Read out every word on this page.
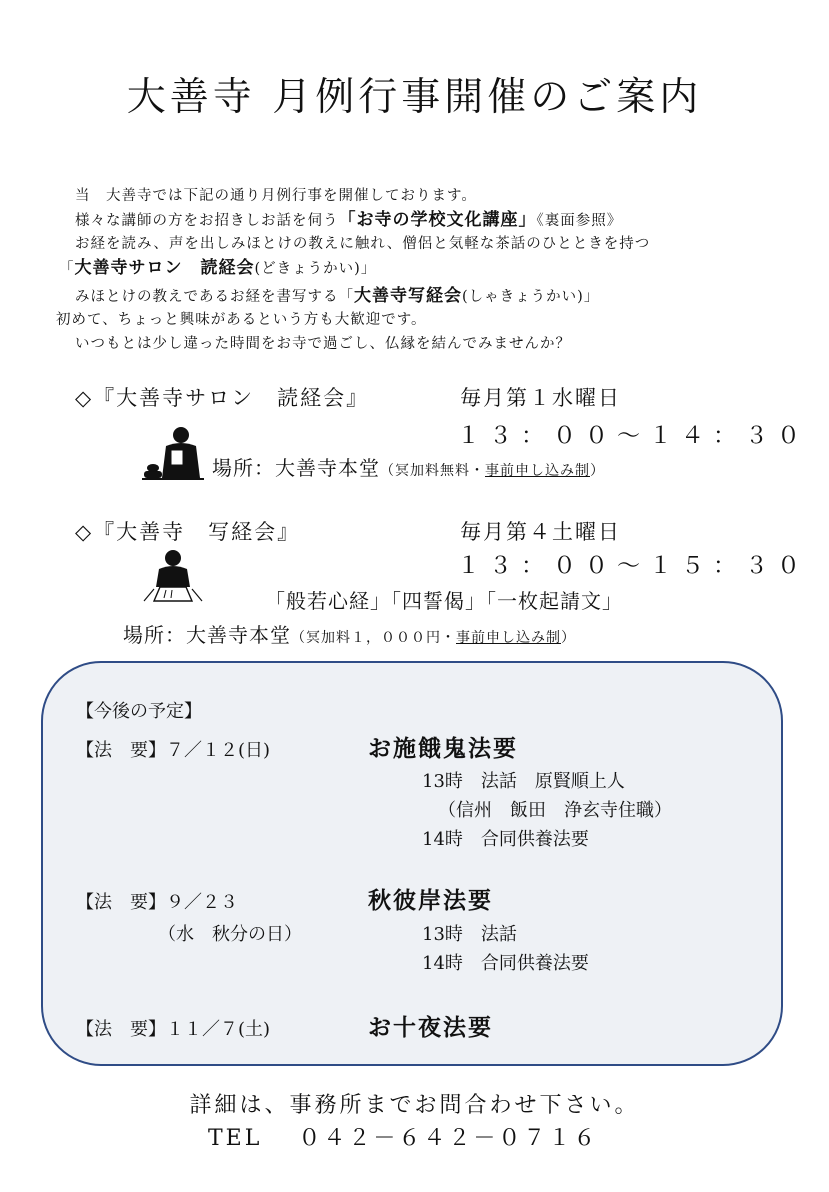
大善寺 月例行事開催のご案内
当　大善寺では下記の通り月例行事を開催しております。
様々な講師の方をお招きしお話を伺う「お寺の学校文化講座」《裏面参照》
お経を読み、声を出しみほとけの教えに触れ、僧侶と気軽な茶話のひとときを持つ
「大善寺サロン　読経会(どきょうかい)」
みほとけの教えであるお経を書写する「大善寺写経会(しゃきょうかい)」
初めて、ちょっと興味があるという方も大歓迎です。
いつもとは少し違った時間をお寺で過ごし、仏縁を結んでみませんか？
◇『大善寺サロン　読経会』	毎月第１水曜日
１３：００～１４：３０
場所：大善寺本堂（冥加料無料・事前申し込み制）
◇『大善寺　写経会』	毎月第４土曜日
１３：００～１５：３０
「般若心経」「四誓偈」「一枚起請文」
場所：大善寺本堂（冥加料１，０００円・事前申し込み制）
【今後の予定】
【法　要】７／１２(日)	お施餓鬼法要
13時　法話　原賢順上人
（信州　飯田　浄玄寺住職）
14時　合同供養法要
【法　要】９／２３	秋彼岸法要
（水　秋分の日）	13時　法話
14時　合同供養法要
【法　要】１１／７(土)	お十夜法要
詳細は、事務所までお問合わせ下さい。
TEL ０４２－６４２－０７１６
